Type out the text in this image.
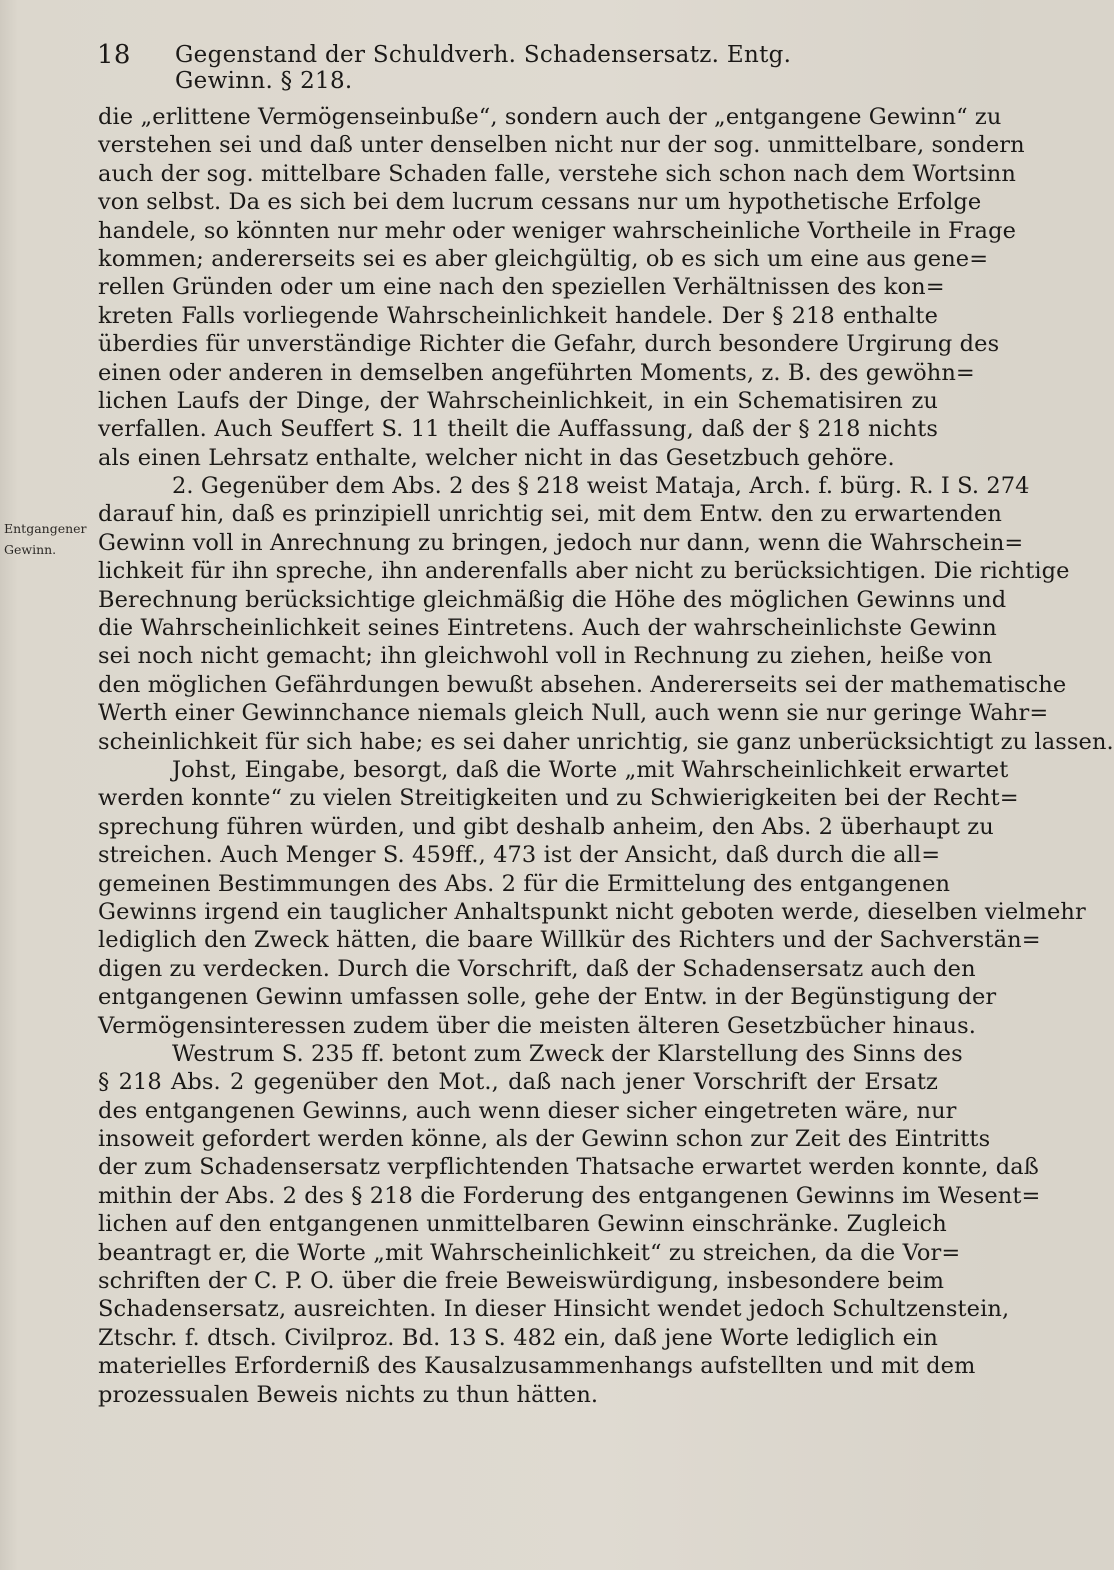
18 Gegenstand der Schuldverh. Schadensersatz. Entg. Gewinn. § 218.
Entgangener
Gewinn.
die „erlittene Vermögenseinbuße“, sondern auch der „entgangene Gewinn“ zu
verstehen sei und daß unter denselben nicht nur der sog. unmittelbare, sondern
auch der sog. mittelbare Schaden falle, verstehe sich schon nach dem Wortsinn
von selbst. Da es sich bei dem lucrum cessans nur um hypothetische Erfolge
handele, so könnten nur mehr oder weniger wahrscheinliche Vortheile in Frage
kommen; andererseits sei es aber gleichgültig, ob es sich um eine aus gene=
rellen Gründen oder um eine nach den speziellen Verhältnissen des kon=
kreten Falls vorliegende Wahrscheinlichkeit handele. Der § 218 enthalte
überdies für unverständige Richter die Gefahr, durch besondere Urgirung des
einen oder anderen in demselben angeführten Moments, z. B. des gewöhn=
lichen Laufs der Dinge, der Wahrscheinlichkeit, in ein Schematisiren zu
verfallen. Auch Seuffert S. 11 theilt die Auffassung, daß der § 218 nichts
als einen Lehrsatz enthalte, welcher nicht in das Gesetzbuch gehöre.
2. Gegenüber dem Abs. 2 des § 218 weist Mataja, Arch. f. bürg. R. I S. 274
darauf hin, daß es prinzipiell unrichtig sei, mit dem Entw. den zu erwartenden
Gewinn voll in Anrechnung zu bringen, jedoch nur dann, wenn die Wahrschein=
lichkeit für ihn spreche, ihn anderenfalls aber nicht zu berücksichtigen. Die richtige
Berechnung berücksichtige gleichmäßig die Höhe des möglichen Gewinns und
die Wahrscheinlichkeit seines Eintretens. Auch der wahrscheinlichste Gewinn
sei noch nicht gemacht; ihn gleichwohl voll in Rechnung zu ziehen, heiße von
den möglichen Gefährdungen bewußt absehen. Andererseits sei der mathematische
Werth einer Gewinnchance niemals gleich Null, auch wenn sie nur geringe Wahr=
scheinlichkeit für sich habe; es sei daher unrichtig, sie ganz unberücksichtigt zu lassen.
Johst, Eingabe, besorgt, daß die Worte „mit Wahrscheinlichkeit erwartet
werden konnte“ zu vielen Streitigkeiten und zu Schwierigkeiten bei der Recht=
sprechung führen würden, und gibt deshalb anheim, den Abs. 2 überhaupt zu
streichen. Auch Menger S. 459ff., 473 ist der Ansicht, daß durch die all=
gemeinen Bestimmungen des Abs. 2 für die Ermittelung des entgangenen
Gewinns irgend ein tauglicher Anhaltspunkt nicht geboten werde, dieselben vielmehr
lediglich den Zweck hätten, die baare Willkür des Richters und der Sachverstän=
digen zu verdecken. Durch die Vorschrift, daß der Schadensersatz auch den
entgangenen Gewinn umfassen solle, gehe der Entw. in der Begünstigung der
Vermögensinteressen zudem über die meisten älteren Gesetzbücher hinaus.
Westrum S. 235 ff. betont zum Zweck der Klarstellung des Sinns des
§ 218 Abs. 2 gegenüber den Mot., daß nach jener Vorschrift der Ersatz
des entgangenen Gewinns, auch wenn dieser sicher eingetreten wäre, nur
insoweit gefordert werden könne, als der Gewinn schon zur Zeit des Eintritts
der zum Schadensersatz verpflichtenden Thatsache erwartet werden konnte, daß
mithin der Abs. 2 des § 218 die Forderung des entgangenen Gewinns im Wesent=
lichen auf den entgangenen unmittelbaren Gewinn einschränke. Zugleich
beantragt er, die Worte „mit Wahrscheinlichkeit“ zu streichen, da die Vor=
schriften der C. P. O. über die freie Beweiswürdigung, insbesondere beim
Schadensersatz, ausreichten. In dieser Hinsicht wendet jedoch Schultzenstein,
Ztschr. f. dtsch. Civilproz. Bd. 13 S. 482 ein, daß jene Worte lediglich ein
materielles Erforderniß des Kausalzusammenhangs aufstellten und mit dem
prozessualen Beweis nichts zu thun hätten.
